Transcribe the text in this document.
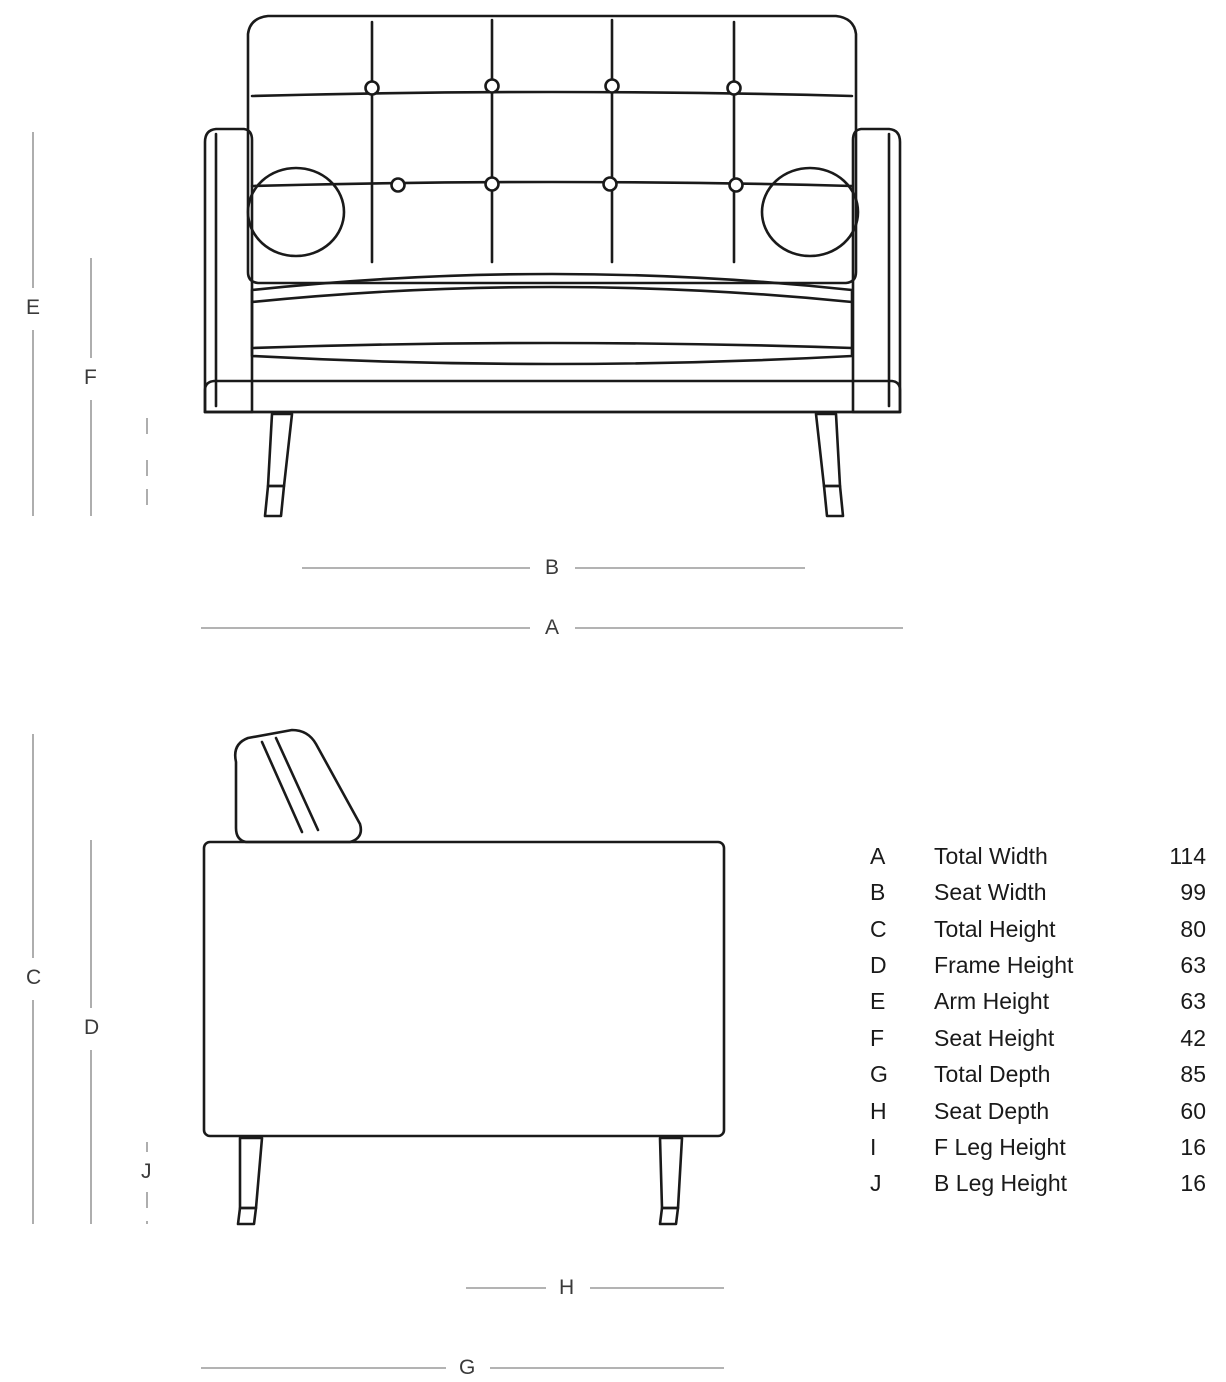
E
F
B
A
C
D
J
H
G
A	Total Width	114
B	Seat Width	99
C	Total Height	80
D	Frame Height	63
E	Arm Height	63
F	Seat Height	42
G	Total Depth	85
H	Seat Depth	60
I	F Leg Height	16
J	B Leg Height	16
